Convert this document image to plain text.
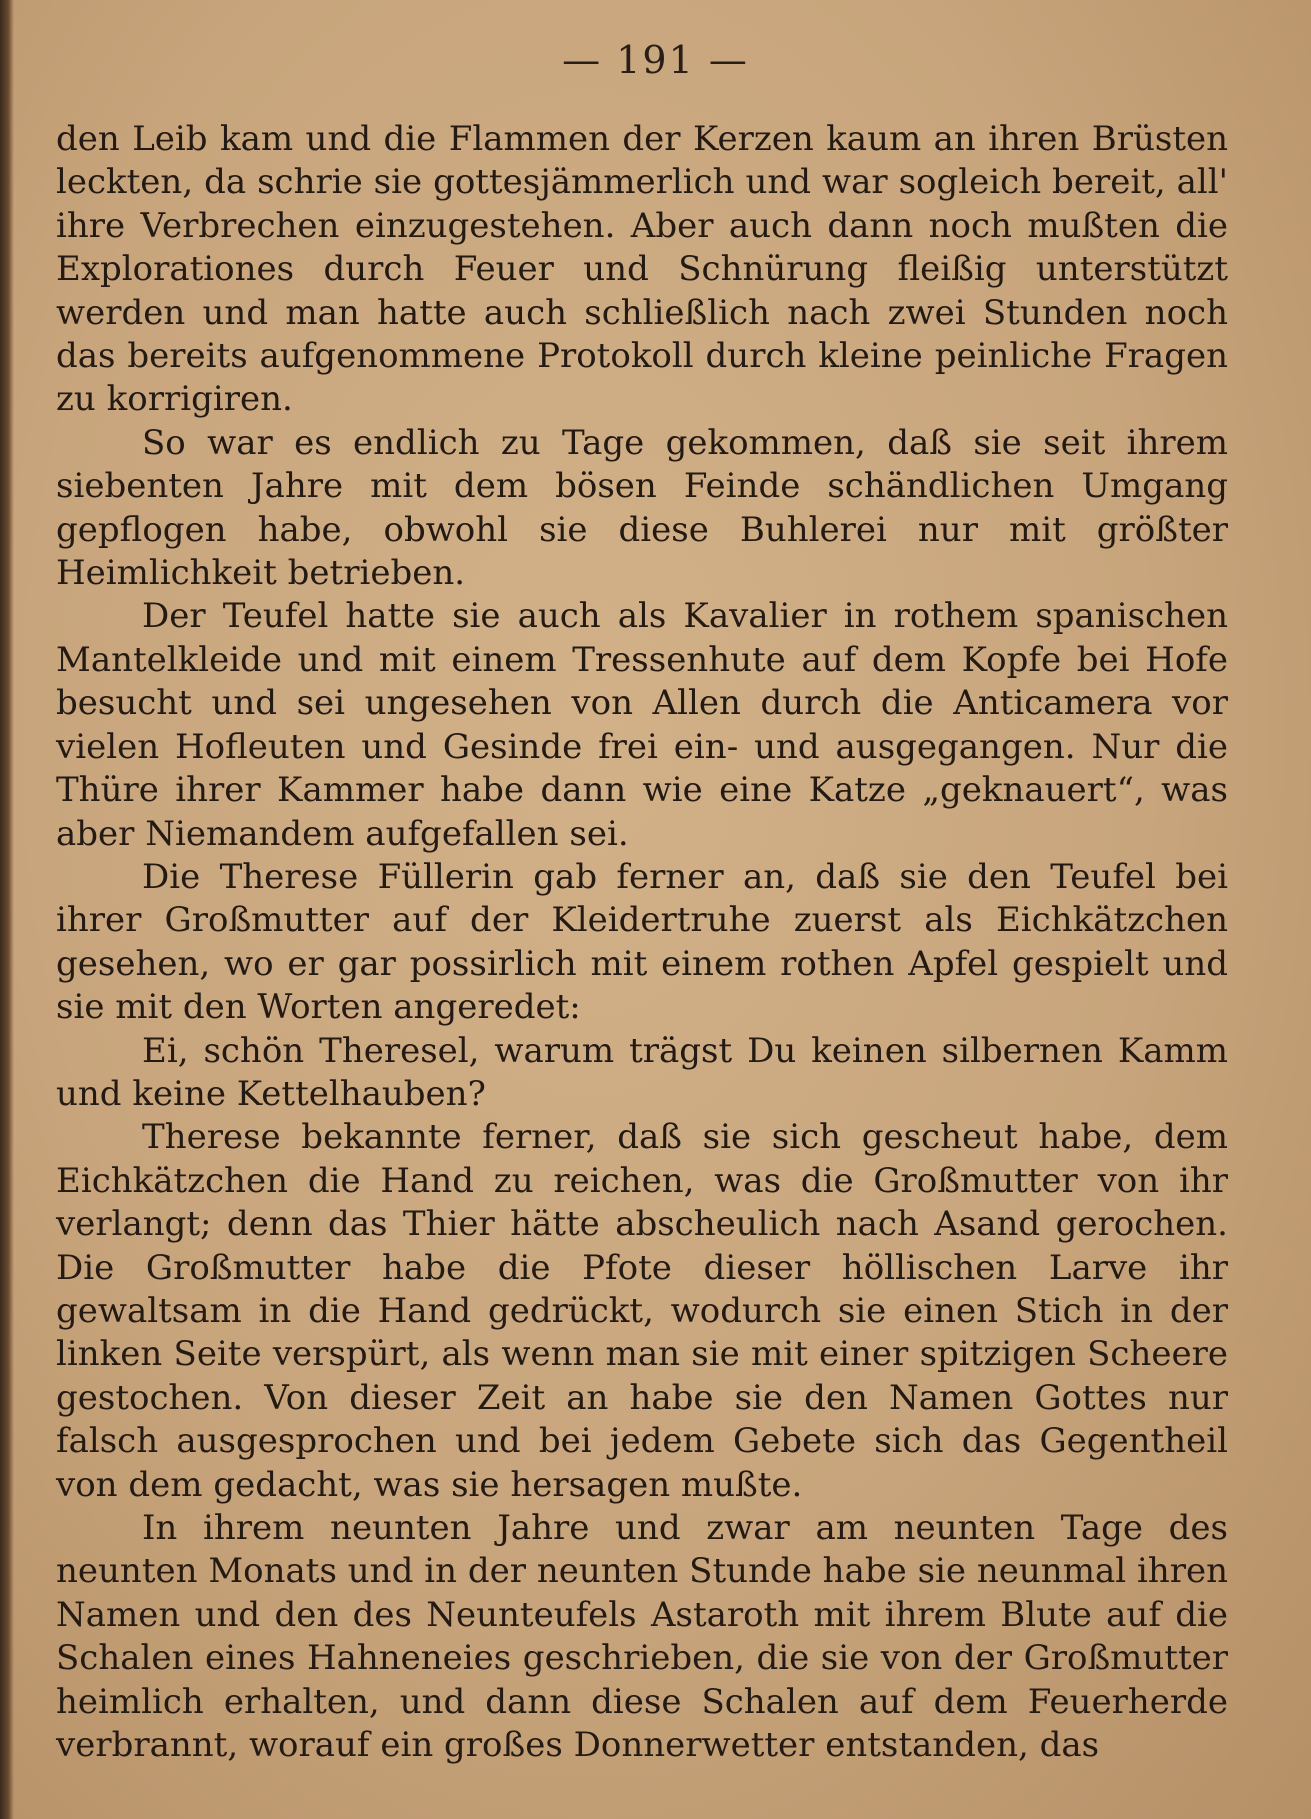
— 191 —

den Leib kam und die Flammen der Kerzen kaum an ihren Brüsten leckten, da schrie sie gottesjämmerlich und war sogleich bereit, all' ihre Verbrechen einzugestehen. Aber auch dann noch mußten die Explorationes durch Feuer und Schnürung fleißig unterstützt werden und man hatte auch schließlich nach zwei Stunden noch das bereits aufgenommene Protokoll durch kleine peinliche Fragen zu korrigiren.

So war es endlich zu Tage gekommen, daß sie seit ihrem siebenten Jahre mit dem bösen Feinde schändlichen Umgang gepflogen habe, obwohl sie diese Buhlerei nur mit größter Heimlichkeit betrieben.

Der Teufel hatte sie auch als Kavalier in rothem spanischen Mantelkleide und mit einem Tressenhute auf dem Kopfe bei Hofe besucht und sei ungesehen von Allen durch die Anticamera vor vielen Hofleuten und Gesinde frei ein- und ausgegangen. Nur die Thüre ihrer Kammer habe dann wie eine Katze „geknauert“, was aber Niemandem aufgefallen sei.

Die Therese Füllerin gab ferner an, daß sie den Teufel bei ihrer Großmutter auf der Kleidertruhe zuerst als Eichkätzchen gesehen, wo er gar possirlich mit einem rothen Apfel gespielt und sie mit den Worten angeredet:

Ei, schön Theresel, warum trägst Du keinen silbernen Kamm und keine Kettelhauben?

Therese bekannte ferner, daß sie sich gescheut habe, dem Eichkätzchen die Hand zu reichen, was die Großmutter von ihr verlangt; denn das Thier hätte abscheulich nach Asand gerochen. Die Großmutter habe die Pfote dieser höllischen Larve ihr gewaltsam in die Hand gedrückt, wodurch sie einen Stich in der linken Seite verspürt, als wenn man sie mit einer spitzigen Scheere gestochen. Von dieser Zeit an habe sie den Namen Gottes nur falsch ausgesprochen und bei jedem Gebete sich das Gegentheil von dem gedacht, was sie hersagen mußte.

In ihrem neunten Jahre und zwar am neunten Tage des neunten Monats und in der neunten Stunde habe sie neunmal ihren Namen und den des Neunteufels Astaroth mit ihrem Blute auf die Schalen eines Hahneneies geschrieben, die sie von der Großmutter heimlich erhalten, und dann diese Schalen auf dem Feuerherde verbrannt, worauf ein großes Donnerwetter entstanden, das
